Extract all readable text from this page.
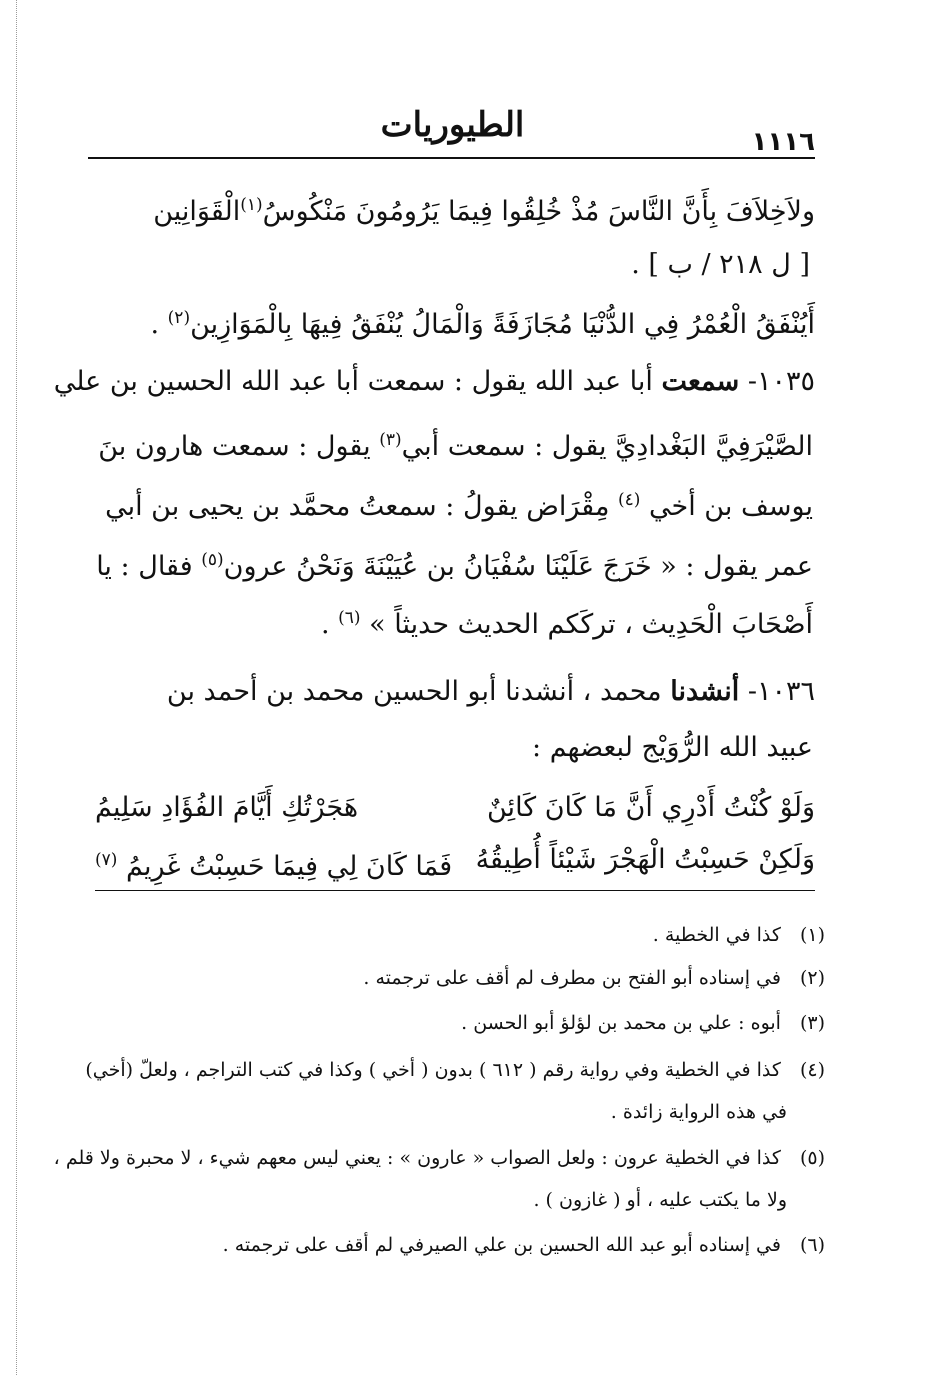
١١١٦
الطيوريات
ولاَخِلاَفَ بِأَنَّ النَّاسَ مُذْ خُلِقُوا فِيمَا يَرُومُونَ مَنْكُوسُ$^{(١)}$الْقَوَانِين
[ ل ٢١٨ / ب ] .
أَيُنْفَقُ الْعُمْرُ فِي الدُّنْيَا مُجَازَفَةً وَالْمَالُ يُنْفَقُ فِيهَا بِالْمَوَازِين$^{(٢)}$ .
١٠٣٥- سمعت أبا عبد الله يقول : سمعت أبا عبد الله الحسين بن علي
الصَّيْرَفِيَّ البَغْدادِيَّ يقول : سمعت أبي$^{(٣)}$ يقول : سمعت هارون بنَ
يوسف بن أخي $^{(٤)}$ مِقْرَاض يقولُ : سمعتُ محمَّد بن يحيى بن أبي
عمر يقول : « خَرَجَ عَلَيْنَا سُفْيَانُ بن عُيَيْنَةَ وَنَحْنُ عرون$^{(٥)}$ فقال : يا
أَصْحَابَ الْحَدِيث ، تركَكم الحديث حديثاً » $^{(٦)}$ .
١٠٣٦- أنشدنا محمد ، أنشدنا أبو الحسين محمد بن أحمد بن
عبيد الله الرُّوَيْج لبعضهم :
وَلَوْ كُنْتُ أَدْرِي أَنَّ مَا كَانَ كَائِنٌ
هَجَرْتُكِ أَيَّامَ الفُؤَادِ سَلِيمُ
وَلَكِنْ حَسِبْتُ الْهَجْرَ شَيْئاً أُطِيقُهُ
فَمَا كَانَ لِي فِيمَا حَسِبْتُ غَرِيمُ $^{(٧)}$
(١) كذا في الخطية .
(٢) في إسناده أبو الفتح بن مطرف لم أقف على ترجمته .
(٣) أبوه : علي بن محمد بن لؤلؤ أبو الحسن .
(٤) كذا في الخطية وفي رواية رقم ( ٦١٢ ) بدون ( أخي ) وكذا في كتب التراجم ، ولعلّ (أخي)
في هذه الرواية زائدة .
(٥) كذا في الخطية عرون : ولعل الصواب « عارون » : يعني ليس معهم شيء ، لا محبرة ولا قلم ،
ولا ما يكتب عليه ، أو ( غازون ) .
(٦) في إسناده أبو عبد الله الحسين بن علي الصيرفي لم أقف على ترجمته .
